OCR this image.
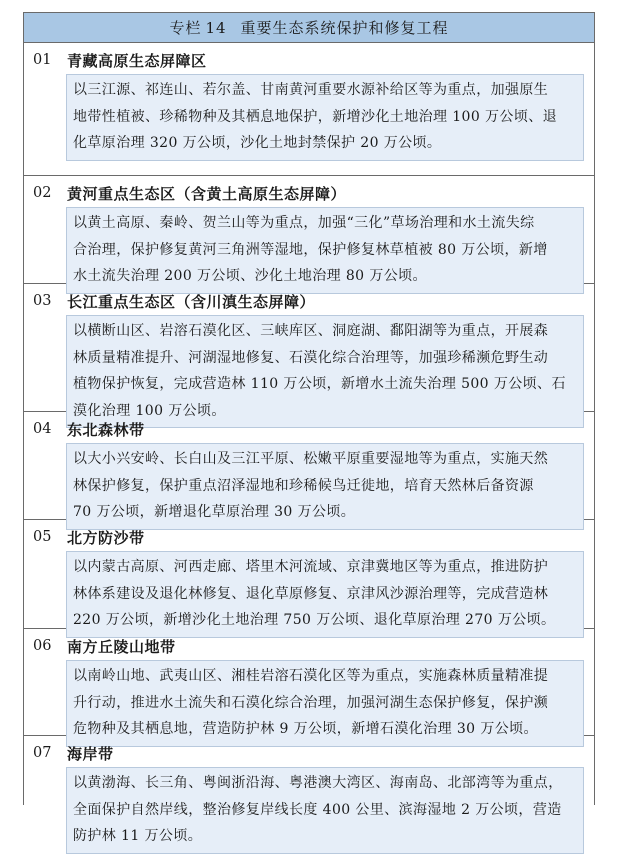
专栏 14 重要生态系统保护和修复工程
01	青藏高原生态屏障区
以三江源、祁连山、若尔盖、甘南黄河重要水源补给区等为重点，加强原生
地带性植被、珍稀物种及其栖息地保护，新增沙化土地治理 100 万公顷、退
化草原治理 320 万公顷，沙化土地封禁保护 20 万公顷。
02	黄河重点生态区（含黄土高原生态屏障）
以黄土高原、秦岭、贺兰山等为重点，加强“三化”草场治理和水土流失综
合治理，保护修复黄河三角洲等湿地，保护修复林草植被 80 万公顷，新增
水土流失治理 200 万公顷、沙化土地治理 80 万公顷。
03	长江重点生态区（含川滇生态屏障）
以横断山区、岩溶石漠化区、三峡库区、洞庭湖、鄱阳湖等为重点，开展森
林质量精准提升、河湖湿地修复、石漠化综合治理等，加强珍稀濒危野生动
植物保护恢复，完成营造林 110 万公顷，新增水土流失治理 500 万公顷、石
漠化治理 100 万公顷。
04	东北森林带
以大小兴安岭、长白山及三江平原、松嫩平原重要湿地等为重点，实施天然
林保护修复，保护重点沼泽湿地和珍稀候鸟迁徙地，培育天然林后备资源
70 万公顷，新增退化草原治理 30 万公顷。
05	北方防沙带
以内蒙古高原、河西走廊、塔里木河流域、京津冀地区等为重点，推进防护
林体系建设及退化林修复、退化草原修复、京津风沙源治理等，完成营造林
220 万公顷，新增沙化土地治理 750 万公顷、退化草原治理 270 万公顷。
06	南方丘陵山地带
以南岭山地、武夷山区、湘桂岩溶石漠化区等为重点，实施森林质量精准提
升行动，推进水土流失和石漠化综合治理，加强河湖生态保护修复，保护濒
危物种及其栖息地，营造防护林 9 万公顷，新增石漠化治理 30 万公顷。
07	海岸带
以黄渤海、长三角、粤闽浙沿海、粤港澳大湾区、海南岛、北部湾等为重点，
全面保护自然岸线，整治修复岸线长度 400 公里、滨海湿地 2 万公顷，营造
防护林 11 万公顷。
